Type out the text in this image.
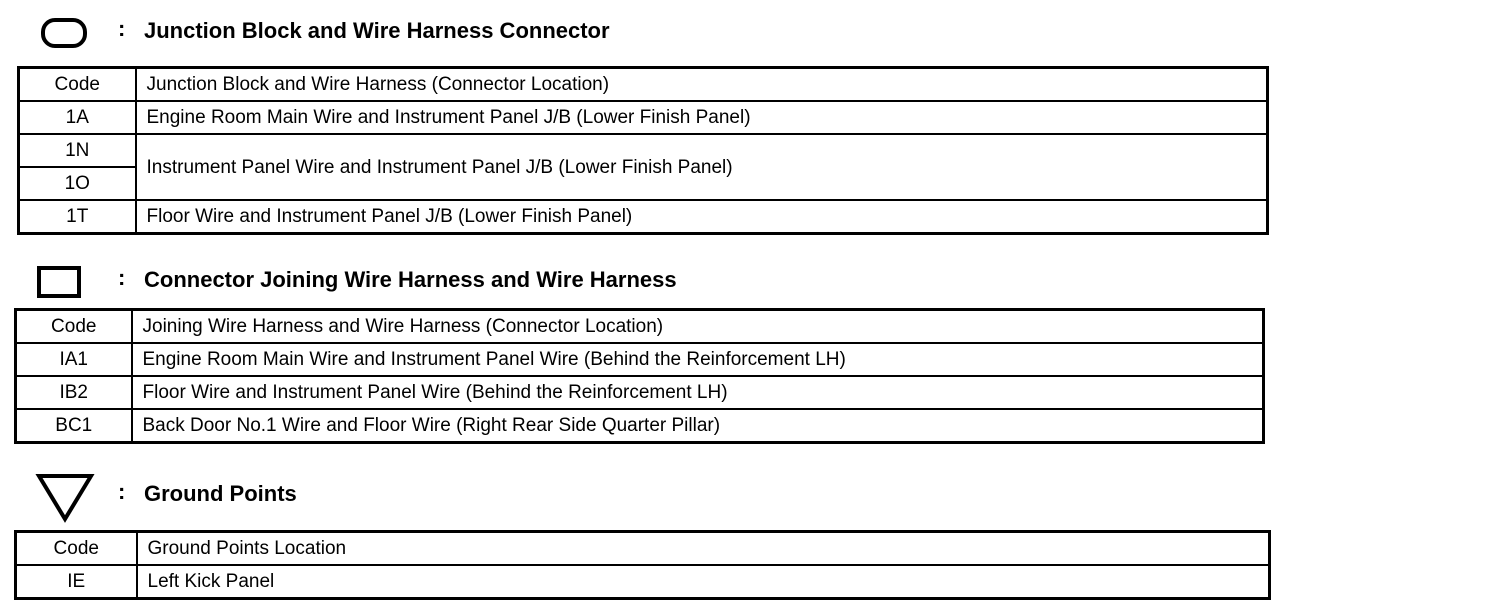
: Junction Block and Wire Harness Connector
Code	Junction Block and Wire Harness (Connector Location)
1A	Engine Room Main Wire and Instrument Panel J/B (Lower Finish Panel)
1N	Instrument Panel Wire and Instrument Panel J/B (Lower Finish Panel)
1O	
1T	Floor Wire and Instrument Panel J/B (Lower Finish Panel)
: Connector Joining Wire Harness and Wire Harness
Code	Joining Wire Harness and Wire Harness (Connector Location)
IA1	Engine Room Main Wire and Instrument Panel Wire (Behind the Reinforcement LH)
IB2	Floor Wire and Instrument Panel Wire (Behind the Reinforcement LH)
BC1	Back Door No.1 Wire and Floor Wire (Right Rear Side Quarter Pillar)
: Ground Points
Code	Ground Points Location
IE	Left Kick Panel
